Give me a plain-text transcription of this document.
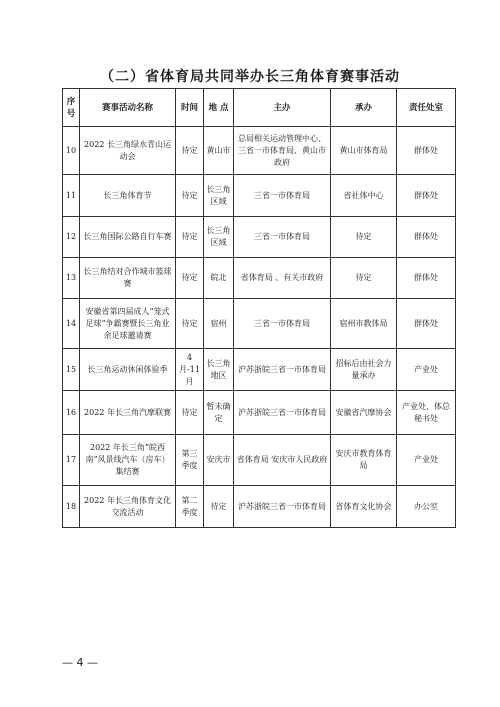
（二）省体育局共同举办长三角体育赛事活动
序号	赛事活动名称	时间	地 点	主办	承办	责任处室
10	2022 长三角绿水青山运动会	待定	黄山市	总局相关运动管理中心、三省一市体育局、黄山市政府	黄山市体育局	群体处
11	长三角体育节	待定	长三角区域	三省一市体育局	省社体中心	群体处
12	长三角国际公路自行车赛	待定	长三角区域	三省一市体育局	待定	群体处
13	长三角结对合作城市篮球赛	待定	皖北	省体育局 、有关市政府	待定	群体处
14	安徽省第四届成人“笼式足球”争霸赛暨长三角业余足球邀请赛	待定	宿州	三省一市体育局	宿州市教体局	群体处
15	长三角运动休闲体验季	4 月-11 月	长三角地区	沪苏浙皖三省一市体育局	招标后由社会力量承办	产业处
16	2022 年长三角汽摩联赛	待定	暂未确定	沪苏浙皖三省一市体育局	安徽省汽摩协会	产业处、体总秘书处
17	2022 年长三角“皖西南”风景线汽车（房车）集结赛	第三季度	安庆市	省体育局 安庆市人民政府	安庆市教育体育局	产业处
18	2022 年长三角体育文化交流活动	第二季度	待定	沪苏浙皖三省一市体育局	省体育文化协会	办公室
— 4 —
